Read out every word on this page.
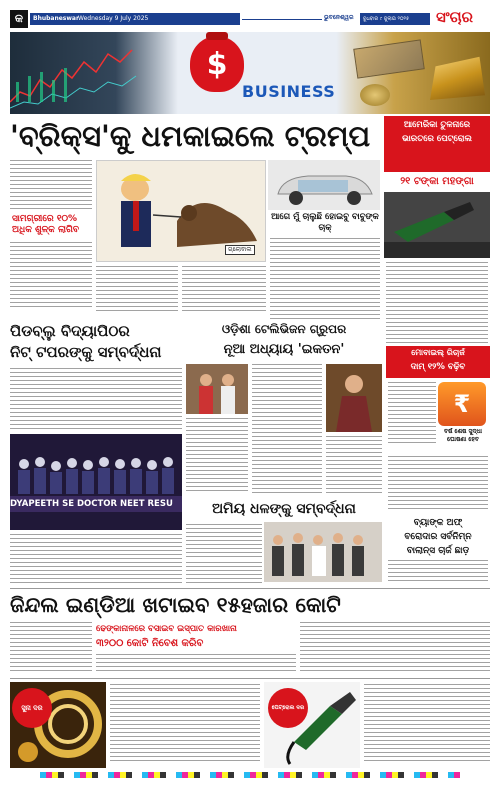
କ	Bhubaneswar Wednesday 9 July 2025	ଭୁବନେଶ୍ୱର ବୁଧବାର ୯ ଜୁଲାଇ ୨୦୨୫ ସଂଚାର
$
BUSINESS
'ବ୍ରିକ୍ସ'କୁ ଧମକାଇଲେ ଟ୍ରମ୍ପ
ସାମଗ୍ରୀରେ ୧୦% ଅଧିକ ଶୁଳ୍କ ଲାଗିବ
ଗ୍ଲୋବାଲ
ଆଗେ ମୁଁ ଚାଲୁଛି ହୋଇବୁ ବାବୁଙ୍କ ଚାକ୍
ଆମେରିକା ତୁଳନାରେ
ଭାରତରେ ପେଟ୍ରୋଲ
୨୧ ଟଙ୍କା ମହଙ୍ଗା
ପିଡବ୍ଲୁ ବିଦ୍ୟାପିଠର
ନିଟ୍ ଟପରଙ୍କୁ ସମ୍ବର୍ଦ୍ଧନା
DYAPEETH SE DOCTOR NEET RESU
ଓଡ଼ିଶା ଟେଲିଭିଜନ ଗ୍ରୁପର
ନୂଆ ଅଧ୍ୟାୟ 'ଇକତନ'
ଅମିୟ ଧଳଙ୍କୁ ସମ୍ବର୍ଦ୍ଧନା
ମୋବାଇଲ୍ ରିଚାର୍ଜ
ଦାମ୍ ୧୨% ବଢ଼ିବ
₹
ବର୍ଷ ଶେଷ ସୁଦ୍ଧା ଘୋଷଣା ହେବ
ବ୍ୟାଙ୍କ ଅଫ୍
ବରୋଦାର ସର୍ବନିମ୍ନ
ବାଲାନ୍ସ ଚାର୍ଜ ଛାଡ଼
ଜିନ୍ଦଲ ଇଣ୍ଡିଆ ଖଟାଇବ ୧୫ହଜାର କୋଟି
ଢେଙ୍କାନାଳରେ ବସାଇବ ଇସ୍ପାତ କାରଖାନା
୩୨୦୦ କୋଟି ନିବେଶ କରିବ
ସୁନା ଦର	ପେଟ୍ରୋଲ ଦର
